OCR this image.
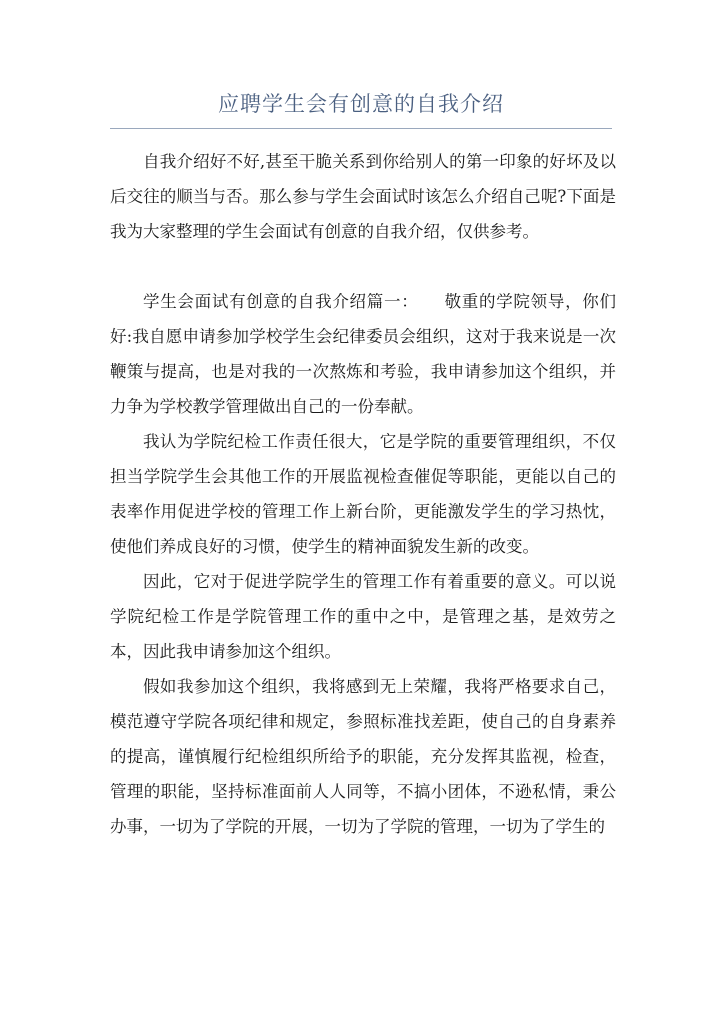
应聘学生会有创意的自我介绍

自我介绍好不好,甚至干脆关系到你给别人的第一印象的好坏及以后交往的顺当与否。那么参与学生会面试时该怎么介绍自己呢?下面是我为大家整理的学生会面试有创意的自我介绍，仅供参考。

学生会面试有创意的自我介绍篇一：　　敬重的学院领导，你们好:我自愿申请参加学校学生会纪律委员会组织，这对于我来说是一次鞭策与提高，也是对我的一次熬炼和考验，我申请参加这个组织，并力争为学校教学管理做出自己的一份奉献。

我认为学院纪检工作责任很大，它是学院的重要管理组织，不仅担当学院学生会其他工作的开展监视检查催促等职能，更能以自己的表率作用促进学校的管理工作上新台阶，更能激发学生的学习热忱，使他们养成良好的习惯，使学生的精神面貌发生新的改变。

因此，它对于促进学院学生的管理工作有着重要的意义。可以说学院纪检工作是学院管理工作的重中之中，是管理之基，是效劳之本，因此我申请参加这个组织。

假如我参加这个组织，我将感到无上荣耀，我将严格要求自己，模范遵守学院各项纪律和规定，参照标准找差距，使自己的自身素养的提高，谨慎履行纪检组织所给予的职能，充分发挥其监视，检查，管理的职能，坚持标准面前人人同等，不搞小团体，不逊私情，秉公办事，一切为了学院的开展，一切为了学院的管理，一切为了学生的
